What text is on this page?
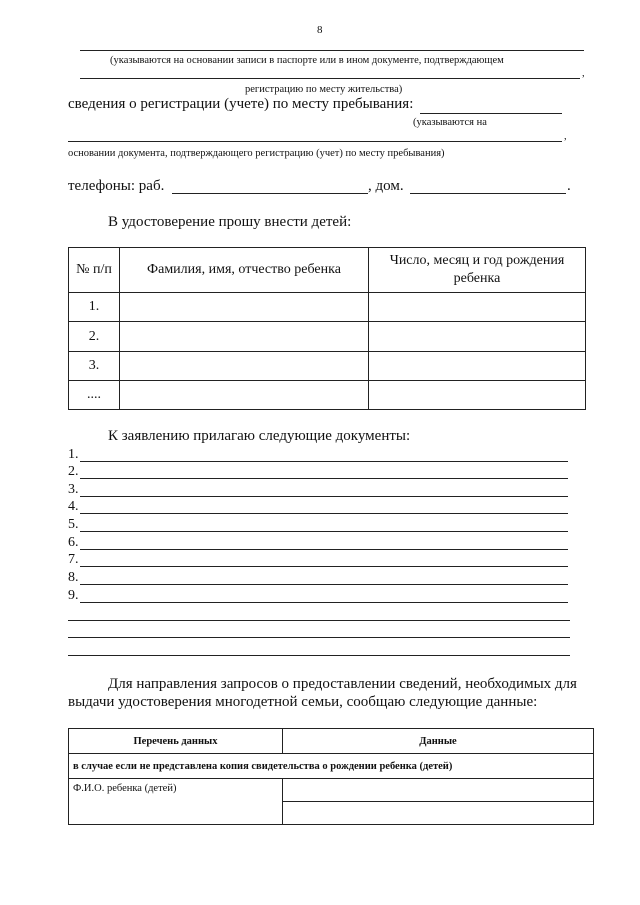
8
(указываются на основании записи в паспорте или в ином документе, подтверждающем
,
регистрацию по месту жительства)
сведения о регистрации (учете) по месту пребывания:
(указываются на
,
основании документа, подтверждающего регистрацию (учет) по месту пребывания)
телефоны: раб.	, дом.	.
В удостоверение прошу внести детей:
№ п/п	Фамилия, имя, отчество ребенка	Число, месяц и год рождения ребенка
1.		
2.		
3.		
....		
К заявлению прилагаю следующие документы:
1.
2.
3.
4.
5.
6.
7.
8.
9.
Для направления запросов о предоставлении сведений, необходимых для
выдачи удостоверения многодетной семьи, сообщаю следующие данные:
Перечень данных	Данные
в случае если не представлена копия свидетельства о рождении ребенка (детей)	
Ф.И.О. ребенка (детей)	
